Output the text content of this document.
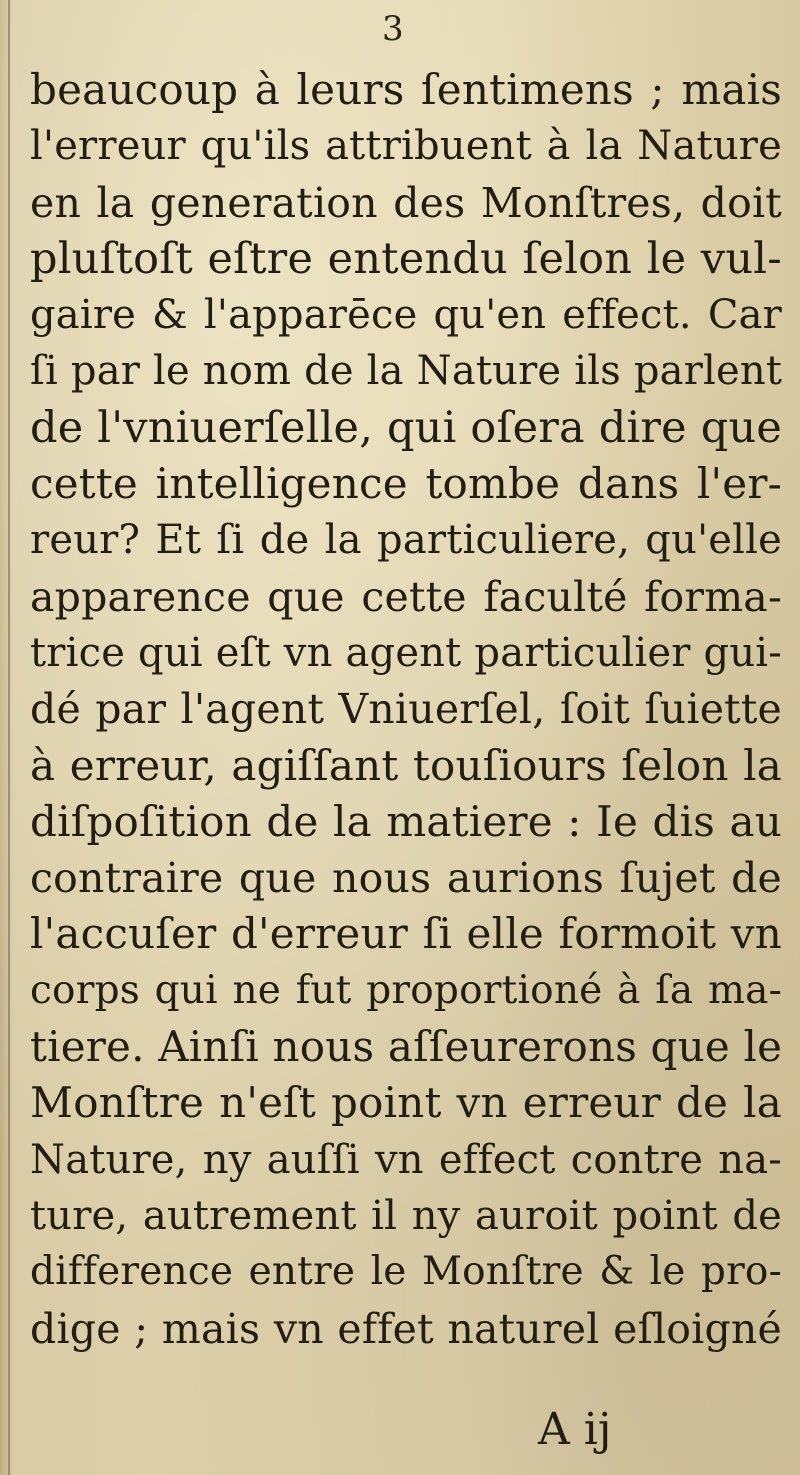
3
beaucoup à leurs ſentimens ; mais
l'erreur qu'ils attribuent à la Nature
en la generation des Monſtres, doit
pluſtoſt eſtre entendu ſelon le vul-
gaire & l'apparēce qu'en effect. Car
ſi par le nom de la Nature ils parlent
de l'vniuerſelle, qui oſera dire que
cette intelligence tombe dans l'er-
reur? Et ſi de la particuliere, qu'elle
apparence que cette faculté forma-
trice qui eſt vn agent particulier gui-
dé par l'agent Vniuerſel, ſoit ſuiette
à erreur, agiſſant touſiours ſelon la
diſpoſition de la matiere : Ie dis au
contraire que nous aurions ſujet de
l'accuſer d'erreur ſi elle formoit vn
corps qui ne fut proportioné à ſa ma-
tiere. Ainſi nous aſſeurerons que le
Monſtre n'eſt point vn erreur de la
Nature, ny auſſi vn effect contre na-
ture, autrement il ny auroit point de
difference entre le Monſtre & le pro-
dige ; mais vn effet naturel eſloigné
A ij
